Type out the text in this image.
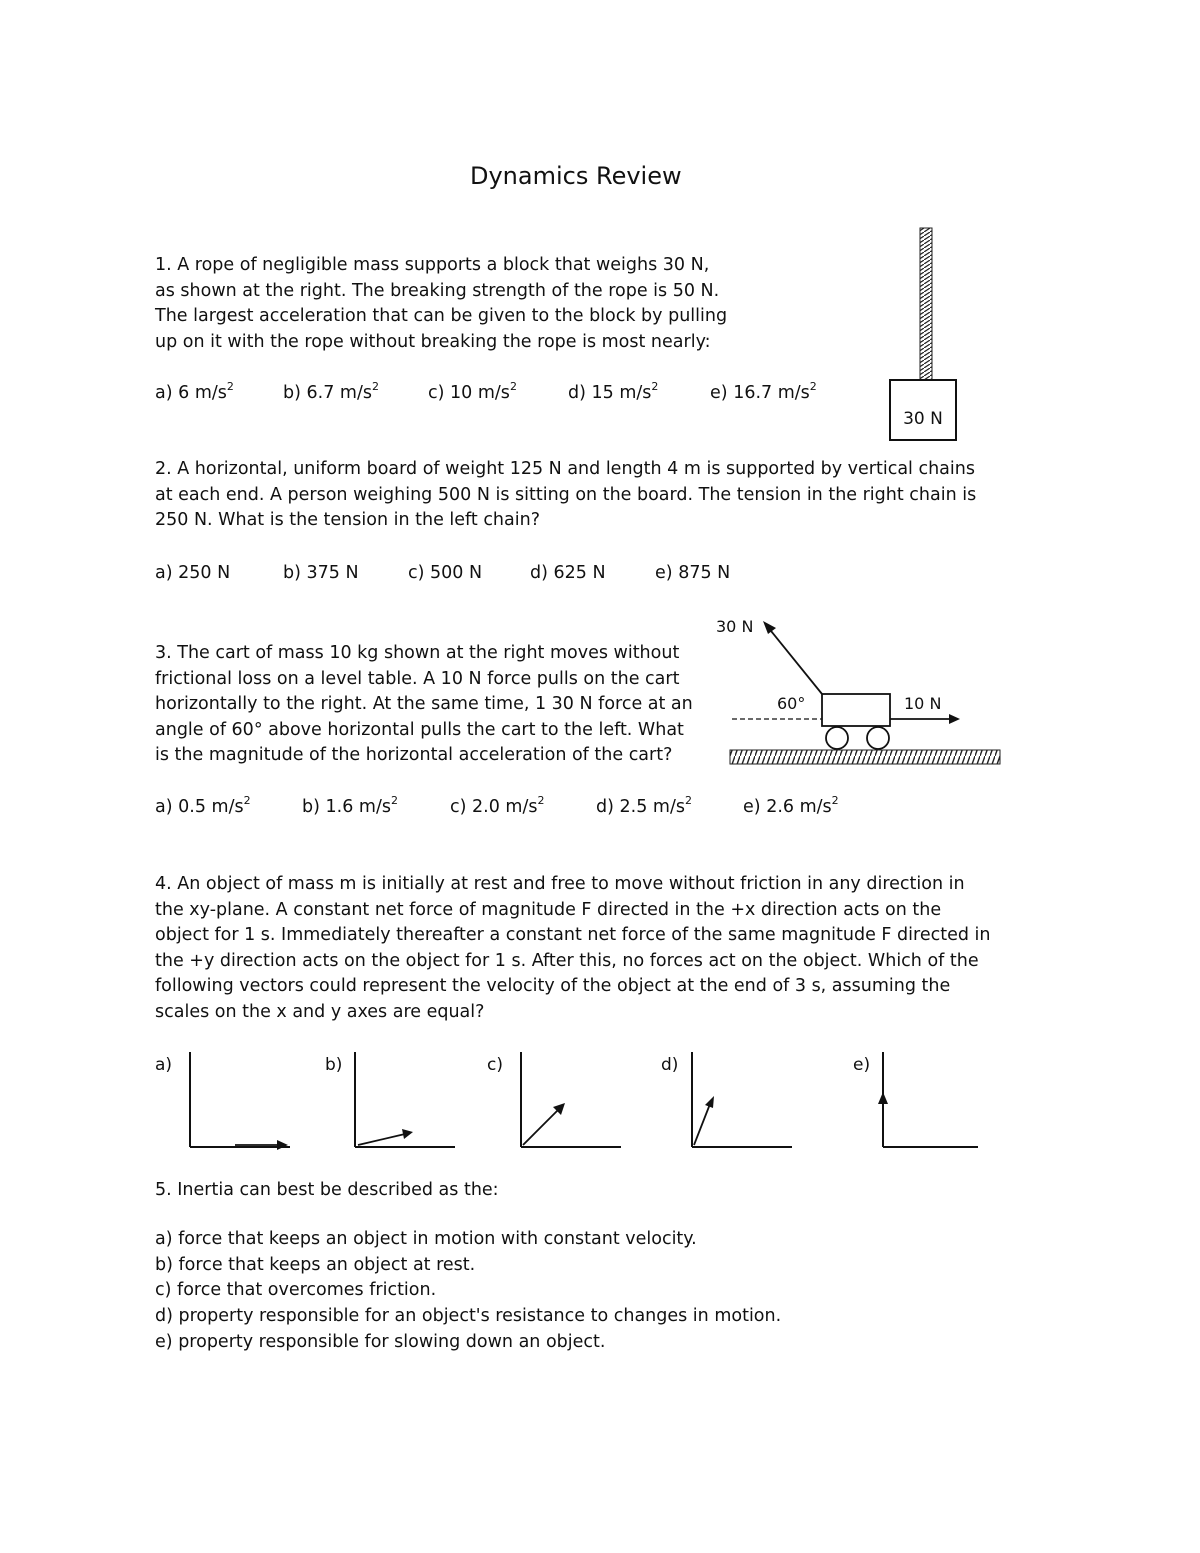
Dynamics Review
1. A rope of negligible mass supports a block that weighs 30 N, as shown at the right. The breaking strength of the rope is 50 N. The largest acceleration that can be given to the block by pulling up on it with the rope without breaking the rope is most nearly:
a) 6 $m/s^2$	b) 6.7 $m/s^2$	c) 10 $m/s^2$	d) 15 $m/s^2$	e) 16.7 $m/s^2$
30 N
2. A horizontal, uniform board of weight 125 N and length 4 m is supported by vertical chains at each end. A person weighing 500 N is sitting on the board. The tension in the right chain is 250 N. What is the tension in the left chain?
a) 250 N	b) 375 N	c) 500 N	d) 625 N	e) 875 N
3. The cart of mass 10 kg shown at the right moves without frictional loss on a level table. A 10 N force pulls on the cart horizontally to the right. At the same time, 1 30 N force at an angle of 60° above horizontal pulls the cart to the left. What is the magnitude of the horizontal acceleration of the cart?
30 N
60°	10 N
a) 0.5 $m/s^2$	b) 1.6 $m/s^2$	c) 2.0 $m/s^2$	d) 2.5 $m/s^2$	e) 2.6 $m/s^2$
4. An object of mass m is initially at rest and free to move without friction in any direction in the xy-plane. A constant net force of magnitude F directed in the +x direction acts on the object for 1 s. Immediately thereafter a constant net force of the same magnitude F directed in the +y direction acts on the object for 1 s. After this, no forces act on the object. Which of the following vectors could represent the velocity of the object at the end of 3 s, assuming the scales on the x and y axes are equal?
a)	b)	c)	d)	e)
5. Inertia can best be described as the:
a) force that keeps an object in motion with constant velocity.
b) force that keeps an object at rest.
c) force that overcomes friction.
d) property responsible for an object's resistance to changes in motion.
e) property responsible for slowing down an object.
